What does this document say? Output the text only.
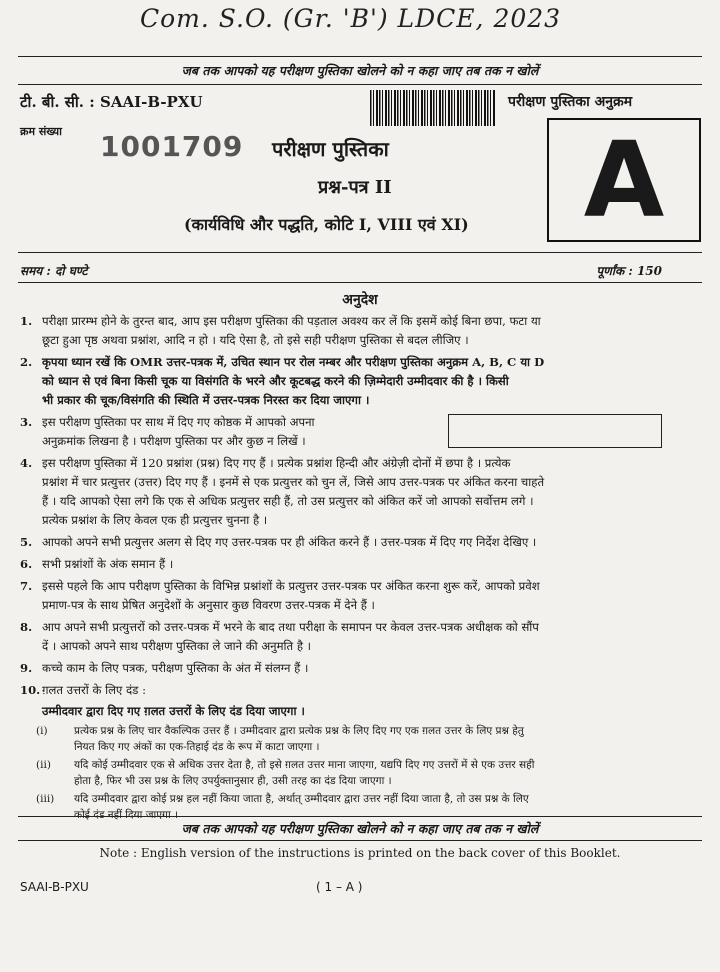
Com. S.O. (Gr. 'B') LDCE, 2023
जब तक आपको यह परीक्षण पुस्तिका खोलने को न कहा जाए तब तक न खोलें
टी. बी. सी. : SAAI-B-PXU	परीक्षण पुस्तिका अनुक्रम
क्रम संख्या 1001709 परीक्षण पुस्तिका
प्रश्न-पत्र II
(कार्यविधि और पद्धति, कोटि I, VIII एवं XI)	A
समय : दो घण्टे	पूर्णांक : 150
अनुदेश
1. परीक्षा प्रारम्भ होने के तुरन्त बाद, आप इस परीक्षण पुस्तिका की पड़ताल अवश्य कर लें कि इसमें कोई बिना छपा, फटा या
छूटा हुआ पृष्ठ अथवा प्रश्नांश, आदि न हो । यदि ऐसा है, तो इसे सही परीक्षण पुस्तिका से बदल लीजिए ।
2. कृपया ध्यान रखें कि OMR उत्तर-पत्रक में, उचित स्थान पर रोल नम्बर और परीक्षण पुस्तिका अनुक्रम A, B, C या D
को ध्यान से एवं बिना किसी चूक या विसंगति के भरने और कूटबद्ध करने की ज़िम्मेदारी उम्मीदवार की है । किसी
भी प्रकार की चूक/विसंगति की स्थिति में उत्तर-पत्रक निरस्त कर दिया जाएगा ।
3. इस परीक्षण पुस्तिका पर साथ में दिए गए कोष्ठक में आपको अपना
अनुक्रमांक लिखना है । परीक्षण पुस्तिका पर और कुछ न लिखें ।
4. इस परीक्षण पुस्तिका में 120 प्रश्नांश (प्रश्न) दिए गए हैं । प्रत्येक प्रश्नांश हिन्दी और अंग्रेज़ी दोनों में छपा है । प्रत्येक
प्रश्नांश में चार प्रत्युत्तर (उत्तर) दिए गए हैं । इनमें से एक प्रत्युत्तर को चुन लें, जिसे आप उत्तर-पत्रक पर अंकित करना चाहते
हैं । यदि आपको ऐसा लगे कि एक से अधिक प्रत्युत्तर सही हैं, तो उस प्रत्युत्तर को अंकित करें जो आपको सर्वोत्तम लगे ।
प्रत्येक प्रश्नांश के लिए केवल एक ही प्रत्युत्तर चुनना है ।
5. आपको अपने सभी प्रत्युत्तर अलग से दिए गए उत्तर-पत्रक पर ही अंकित करने हैं । उत्तर-पत्रक में दिए गए निर्देश देखिए ।
6. सभी प्रश्नांशों के अंक समान हैं ।
7. इससे पहले कि आप परीक्षण पुस्तिका के विभिन्न प्रश्नांशों के प्रत्युत्तर उत्तर-पत्रक पर अंकित करना शुरू करें, आपको प्रवेश
प्रमाण-पत्र के साथ प्रेषित अनुदेशों के अनुसार कुछ विवरण उत्तर-पत्रक में देने हैं ।
8. आप अपने सभी प्रत्युत्तरों को उत्तर-पत्रक में भरने के बाद तथा परीक्षा के समापन पर केवल उत्तर-पत्रक अधीक्षक को सौंप
दें । आपको अपने साथ परीक्षण पुस्तिका ले जाने की अनुमति है ।
9. कच्चे काम के लिए पत्रक, परीक्षण पुस्तिका के अंत में संलग्न हैं ।
10. ग़लत उत्तरों के लिए दंड :
उम्मीदवार द्वारा दिए गए ग़लत उत्तरों के लिए दंड दिया जाएगा ।
(i)	प्रत्येक प्रश्न के लिए चार वैकल्पिक उत्तर हैं । उम्मीदवार द्वारा प्रत्येक प्रश्न के लिए दिए गए एक ग़लत उत्तर के लिए प्रश्न हेतु
नियत किए गए अंकों का एक-तिहाई दंड के रूप में काटा जाएगा ।
(ii)	यदि कोई उम्मीदवार एक से अधिक उत्तर देता है, तो इसे ग़लत उत्तर माना जाएगा, यद्यपि दिए गए उत्तरों में से एक उत्तर सही
होता है, फिर भी उस प्रश्न के लिए उपर्युक्तानुसार ही, उसी तरह का दंड दिया जाएगा ।
(iii)	यदि उम्मीदवार द्वारा कोई प्रश्न हल नहीं किया जाता है, अर्थात् उम्मीदवार द्वारा उत्तर नहीं दिया जाता है, तो उस प्रश्न के लिए
कोई दंड नहीं दिया जाएगा ।
जब तक आपको यह परीक्षण पुस्तिका खोलने को न कहा जाए तब तक न खोलें
Note : English version of the instructions is printed on the back cover of this Booklet.
SAAI-B-PXU	( 1 – A )
